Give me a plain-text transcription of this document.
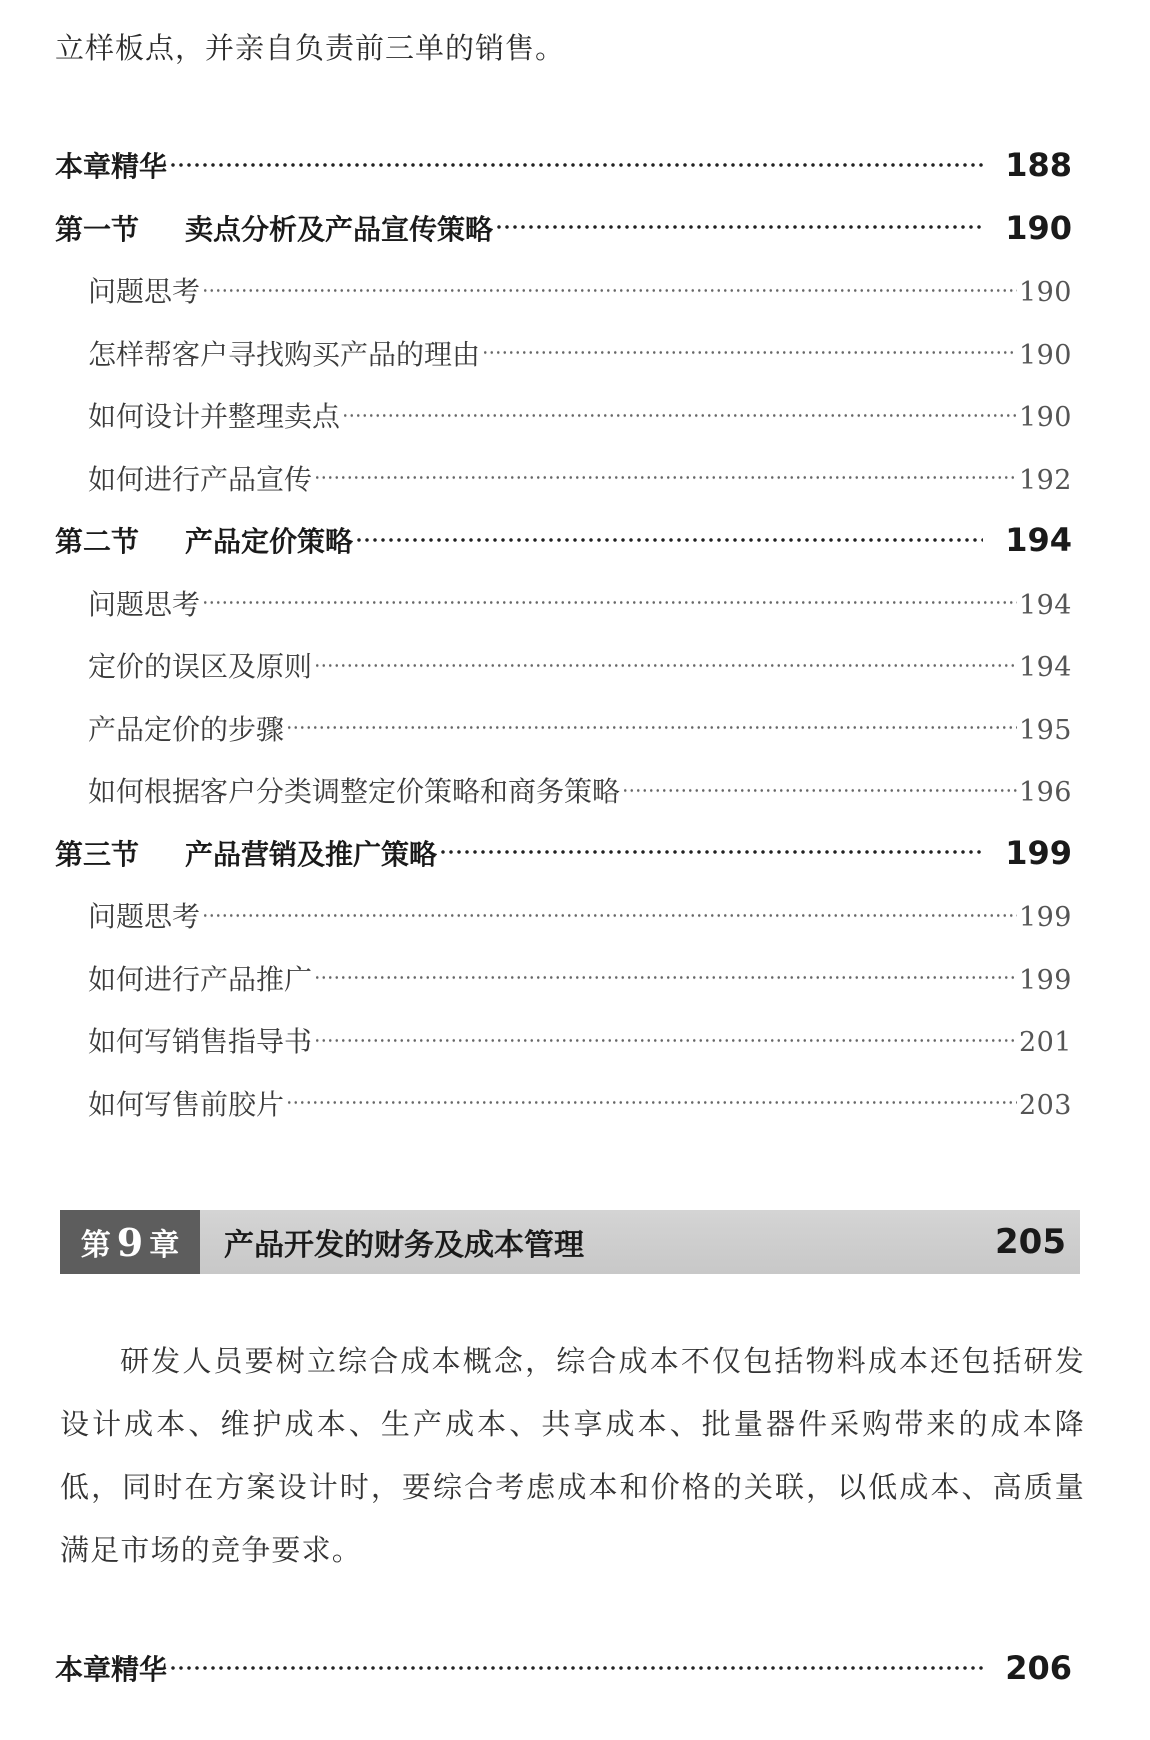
立样板点，并亲自负责前三单的销售。
本章精华	188
第一节 卖点分析及产品宣传策略	190
问题思考	190
怎样帮客户寻找购买产品的理由	190
如何设计并整理卖点	190
如何进行产品宣传	192
第二节 产品定价策略	194
问题思考	194
定价的误区及原则	194
产品定价的步骤	195
如何根据客户分类调整定价策略和商务策略	196
第三节 产品营销及推广策略	199
问题思考	199
如何进行产品推广	199
如何写销售指导书	201
如何写售前胶片	203
第 9 章	产品开发的财务及成本管理	205
研发人员要树立综合成本概念，综合成本不仅包括物料成本还包括研发设计成本、维护成本、生产成本、共享成本、批量器件采购带来的成本降低，同时在方案设计时，要综合考虑成本和价格的关联，以低成本、高质量满足市场的竞争要求。
本章精华	206
